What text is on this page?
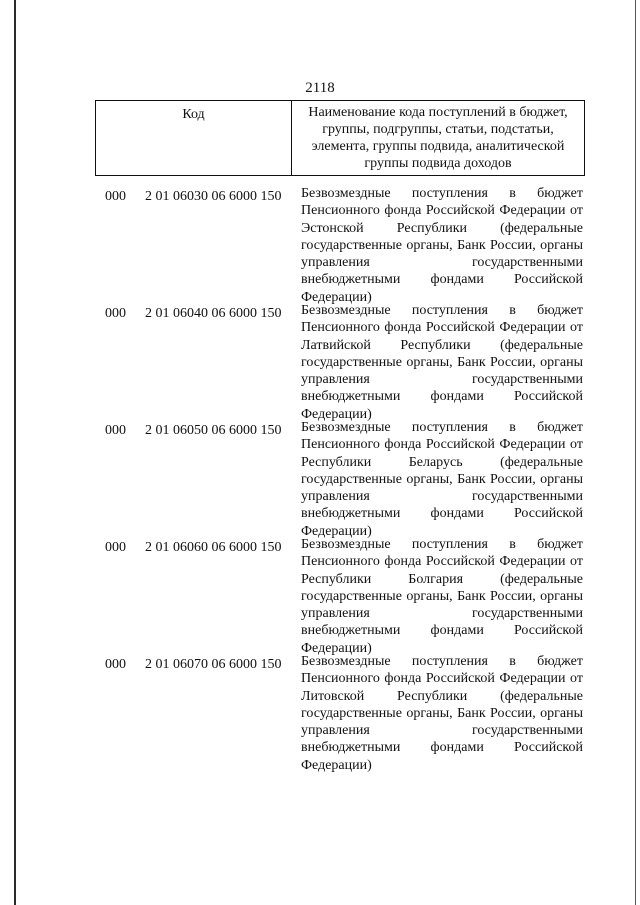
2118
Код	Наименование кода поступлений в бюджет, группы, подгруппы, статьи, подстатьи, элемента, группы подвида, аналитической группы подвида доходов
000 2 01 06030 06 6000 150 Безвозмездные поступления в бюджет Пенсионного фонда Российской Федерации от Эстонской Республики (федеральные государственные органы, Банк России, органы управления государственными внебюджетными фондами Российской Федерации)
000 2 01 06040 06 6000 150 Безвозмездные поступления в бюджет Пенсионного фонда Российской Федерации от Латвийской Республики (федеральные государственные органы, Банк России, органы управления государственными внебюджетными фондами Российской Федерации)
000 2 01 06050 06 6000 150 Безвозмездные поступления в бюджет Пенсионного фонда Российской Федерации от Республики Беларусь (федеральные государственные органы, Банк России, органы управления государственными внебюджетными фондами Российской Федерации)
000 2 01 06060 06 6000 150 Безвозмездные поступления в бюджет Пенсионного фонда Российской Федерации от Республики Болгария (федеральные государственные органы, Банк России, органы управления государственными внебюджетными фондами Российской Федерации)
000 2 01 06070 06 6000 150 Безвозмездные поступления в бюджет Пенсионного фонда Российской Федерации от Литовской Республики (федеральные государственные органы, Банк России, органы управления государственными внебюджетными фондами Российской Федерации)
